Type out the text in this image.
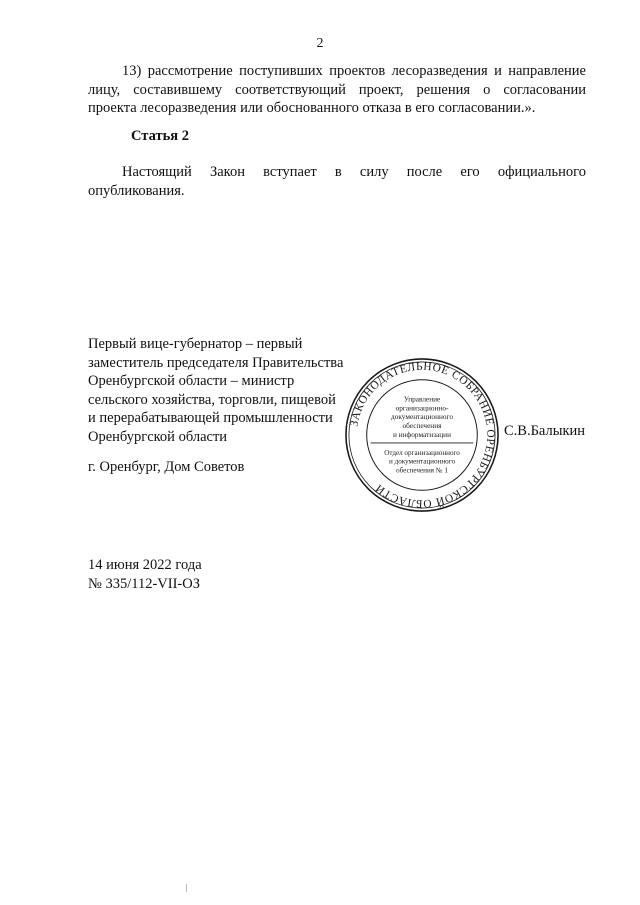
2
13) рассмотрение поступивших проектов лесоразведения и направление
лицу, составившему соответствующий проект, решения о согласовании
проекта лесоразведения или обоснованного отказа в его согласовании.».
Статья 2
Настоящий Закон вступает в силу после его официального
опубликования.
Первый вице-губернатор – первый
заместитель председателя Правительства
Оренбургской области – министр
сельского хозяйства, торговли, пищевой
и перерабатывающей промышленности
Оренбургской области	С.В.Балыкин
г. Оренбург, Дом Советов
ЗАКОНОДАТЕЛЬНОЕ СОБРАНИЕ ОРЕНБУРГСКОЙ ОБЛАСТИ
Управление
организационно-
документационного
обеспечения
и информатизации
Отдел организационного
и документационного
обеспечения № 1
14 июня 2022 года
№ 335/112-VII-ОЗ
